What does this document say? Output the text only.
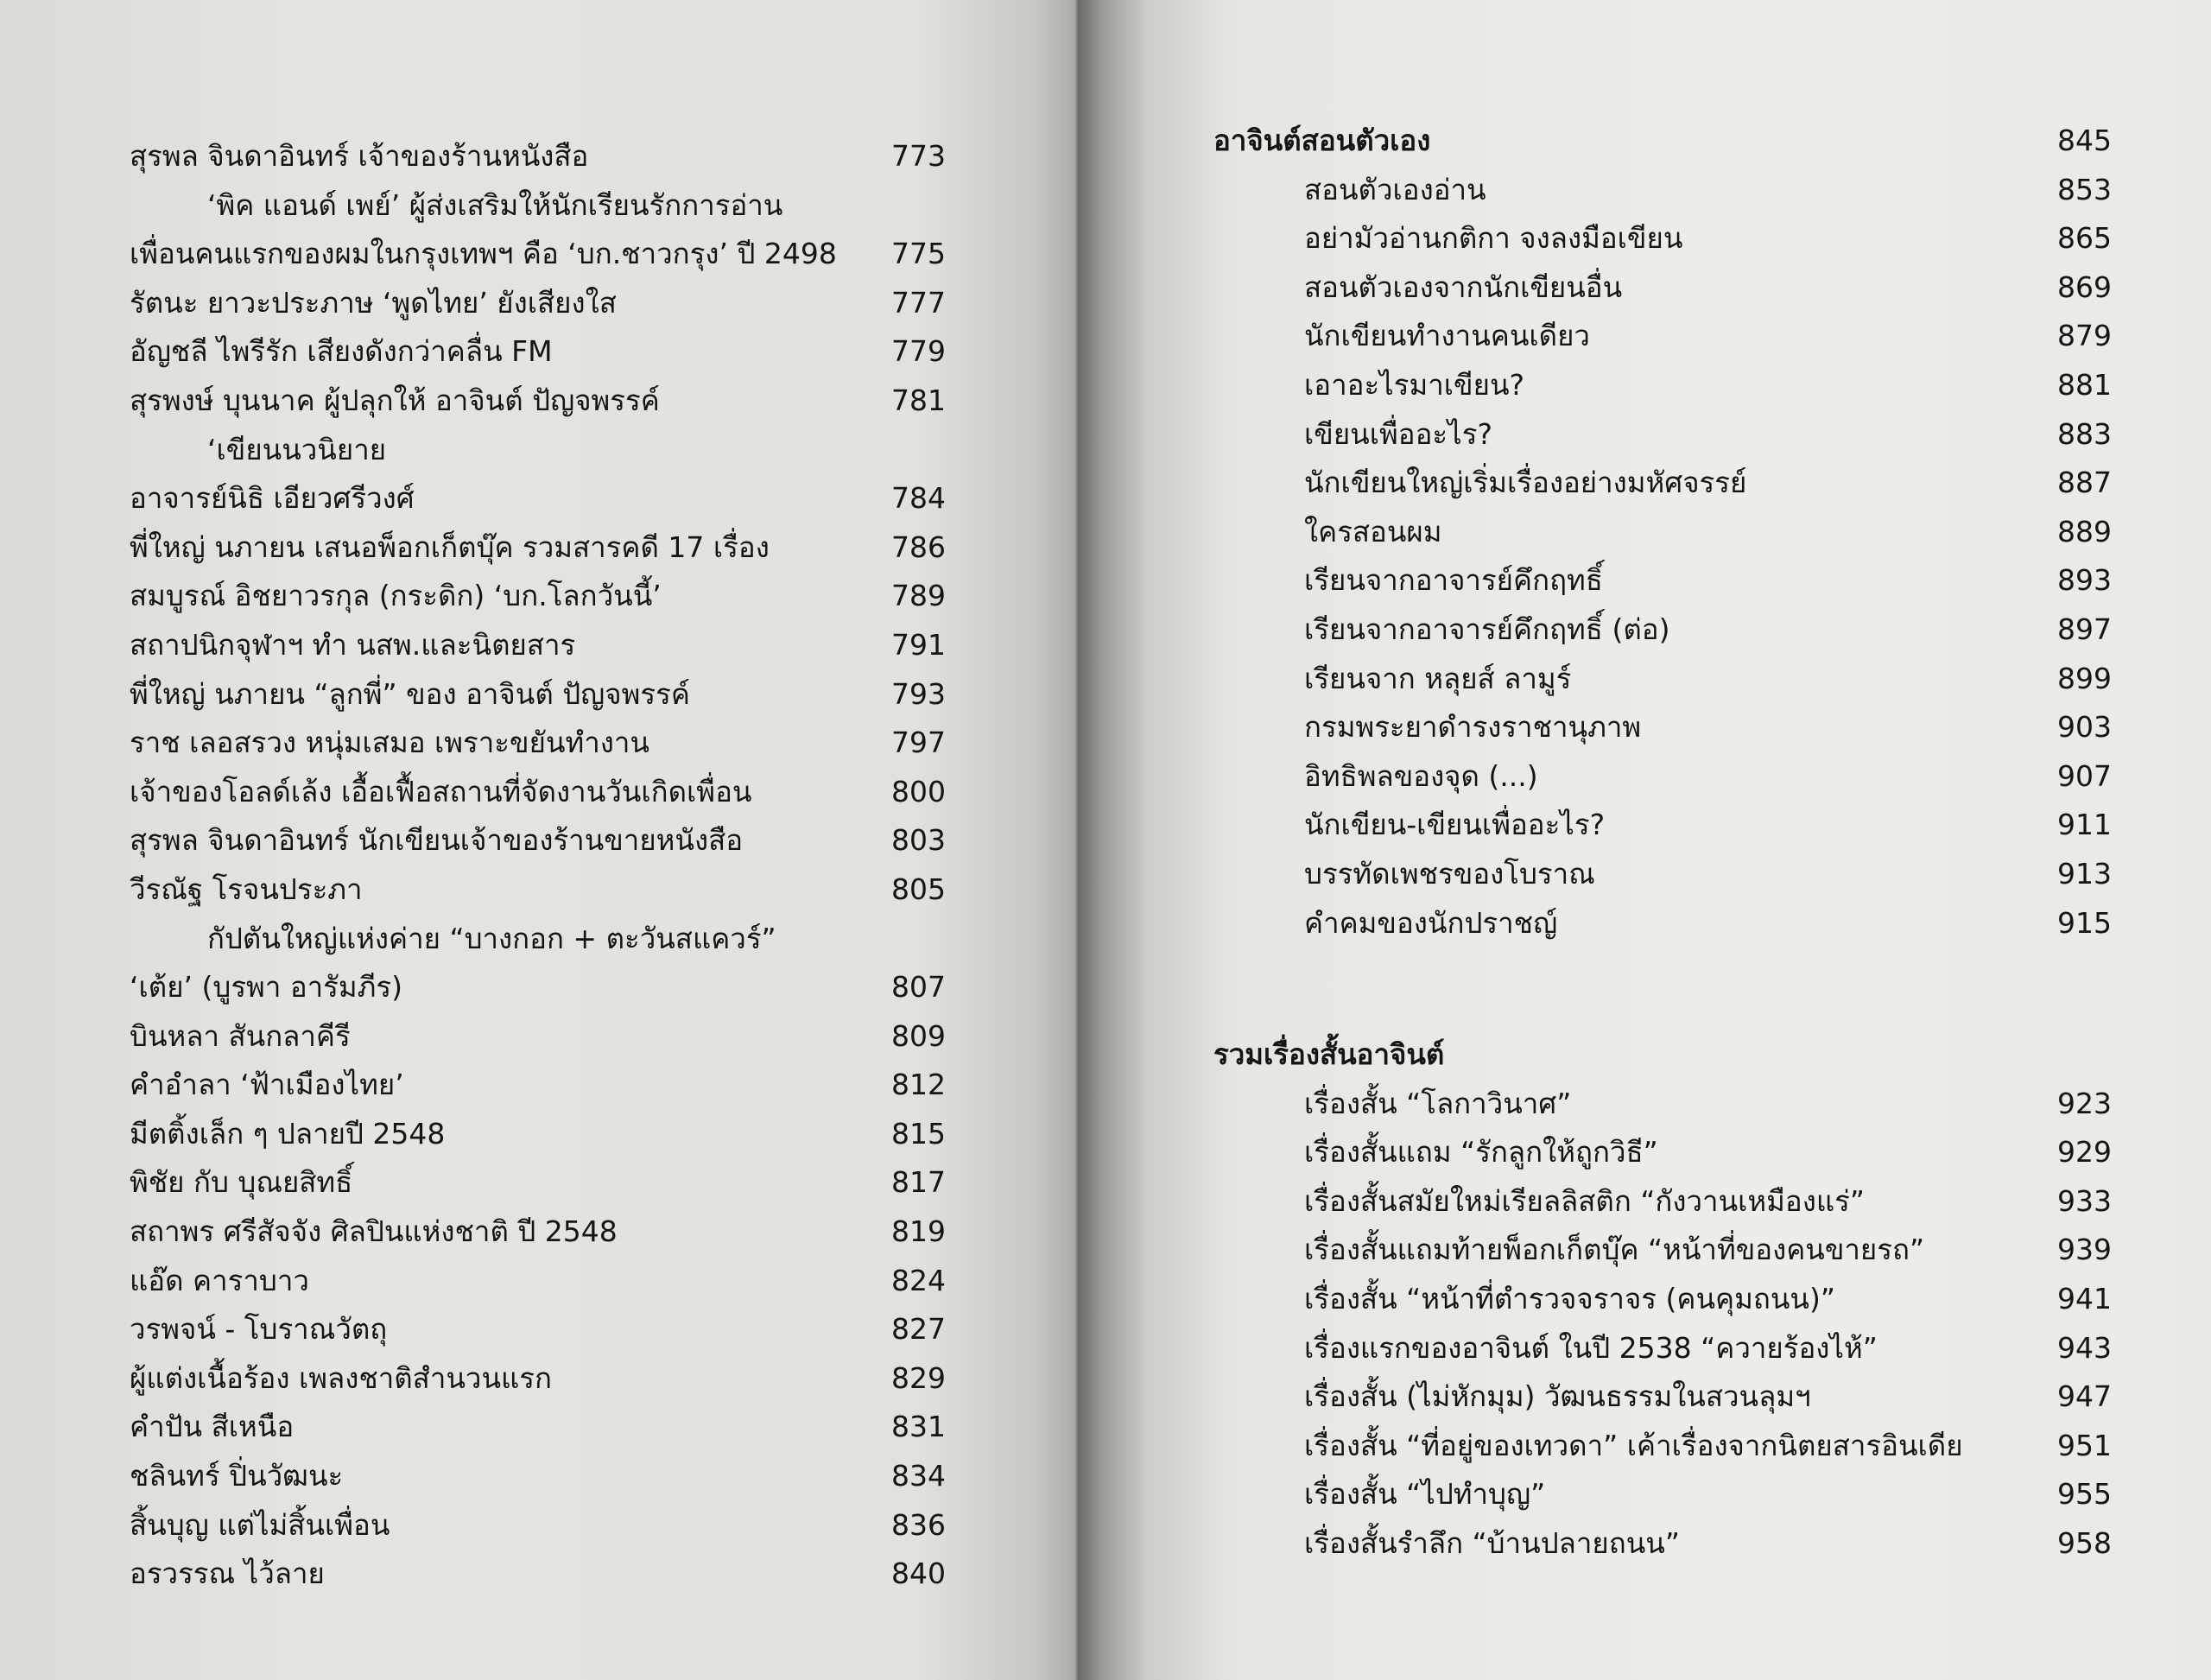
สุรพล จินดาอินทร์ เจ้าของร้านหนังสือ	773
‘พิค แอนด์ เพย์’ ผู้ส่งเสริมให้นักเรียนรักการอ่าน
เพื่อนคนแรกของผมในกรุงเทพฯ คือ ‘บก.ชาวกรุง’ ปี 2498 775
รัตนะ ยาวะประภาษ ‘พูดไทย’ ยังเสียงใส	777
อัญชลี ไพรีรัก เสียงดังกว่าคลื่น FM	779
สุรพงษ์ บุนนาค ผู้ปลุกให้ อาจินต์ ปัญจพรรค์	781
‘เขียนนวนิยาย
อาจารย์นิธิ เอียวศรีวงศ์	784
พี่ใหญ่ นภายน เสนอพ็อกเก็ตบุ๊ค รวมสารคดี 17 เรื่อง	786
สมบูรณ์ อิชยาวรกุล (กระดิก) ‘บก.โลกวันนี้’	789
สถาปนิกจุฬาฯ ทำ นสพ.และนิตยสาร	791
พี่ใหญ่ นภายน “ลูกพี่” ของ อาจินต์ ปัญจพรรค์	793
ราช เลอสรวง หนุ่มเสมอ เพราะขยันทำงาน	797
เจ้าของโอลด์เล้ง เอื้อเฟื้อสถานที่จัดงานวันเกิดเพื่อน	800
สุรพล จินดาอินทร์ นักเขียนเจ้าของร้านขายหนังสือ	803
วีรณัฐ โรจนประภา	805
กัปตันใหญ่แห่งค่าย “บางกอก + ตะวันสแควร์”
‘เต้ย’ (บูรพา อารัมภีร)	807
บินหลา สันกลาคีรี	809
คำอำลา ‘ฟ้าเมืองไทย’	812
มีตติ้งเล็ก ๆ ปลายปี 2548	815
พิชัย กับ บุณยสิทธิ์	817
สถาพร ศรีสัจจัง ศิลปินแห่งชาติ ปี 2548	819
แอ๊ด คาราบาว	824
วรพจน์ - โบราณวัตถุ	827
ผู้แต่งเนื้อร้อง เพลงชาติสำนวนแรก	829
คำปัน สีเหนือ	831
ชลินทร์ ปิ่นวัฒนะ	834
สิ้นบุญ แต่ไม่สิ้นเพื่อน	836
อรวรรณ ไว้ลาย	840
อาจินต์สอนตัวเอง	845
สอนตัวเองอ่าน	853
อย่ามัวอ่านกติกา จงลงมือเขียน	865
สอนตัวเองจากนักเขียนอื่น	869
นักเขียนทำงานคนเดียว	879
เอาอะไรมาเขียน?	881
เขียนเพื่ออะไร?	883
นักเขียนใหญ่เริ่มเรื่องอย่างมหัศจรรย์	887
ใครสอนผม	889
เรียนจากอาจารย์คึกฤทธิ์	893
เรียนจากอาจารย์คึกฤทธิ์ (ต่อ)	897
เรียนจาก หลุยส์ ลามูร์	899
กรมพระยาดำรงราชานุภาพ	903
อิทธิพลของจุด (...)	907
นักเขียน-เขียนเพื่ออะไร?	911
บรรทัดเพชรของโบราณ	913
คำคมของนักปราชญ์	915
รวมเรื่องสั้นอาจินต์
เรื่องสั้น “โลกาวินาศ”	923
เรื่องสั้นแถม “รักลูกให้ถูกวิธี”	929
เรื่องสั้นสมัยใหม่เรียลลิสติก “กังวานเหมืองแร่”	933
เรื่องสั้นแถมท้ายพ็อกเก็ตบุ๊ค “หน้าที่ของคนขายรถ”	939
เรื่องสั้น “หน้าที่ตำรวจจราจร (คนคุมถนน)”	941
เรื่องแรกของอาจินต์ ในปี 2538 “ควายร้องไห้”	943
เรื่องสั้น (ไม่หักมุม) วัฒนธรรมในสวนลุมฯ	947
เรื่องสั้น “ที่อยู่ของเทวดา” เค้าเรื่องจากนิตยสารอินเดีย	951
เรื่องสั้น “ไปทำบุญ”	955
เรื่องสั้นรำลึก “บ้านปลายถนน”	958
